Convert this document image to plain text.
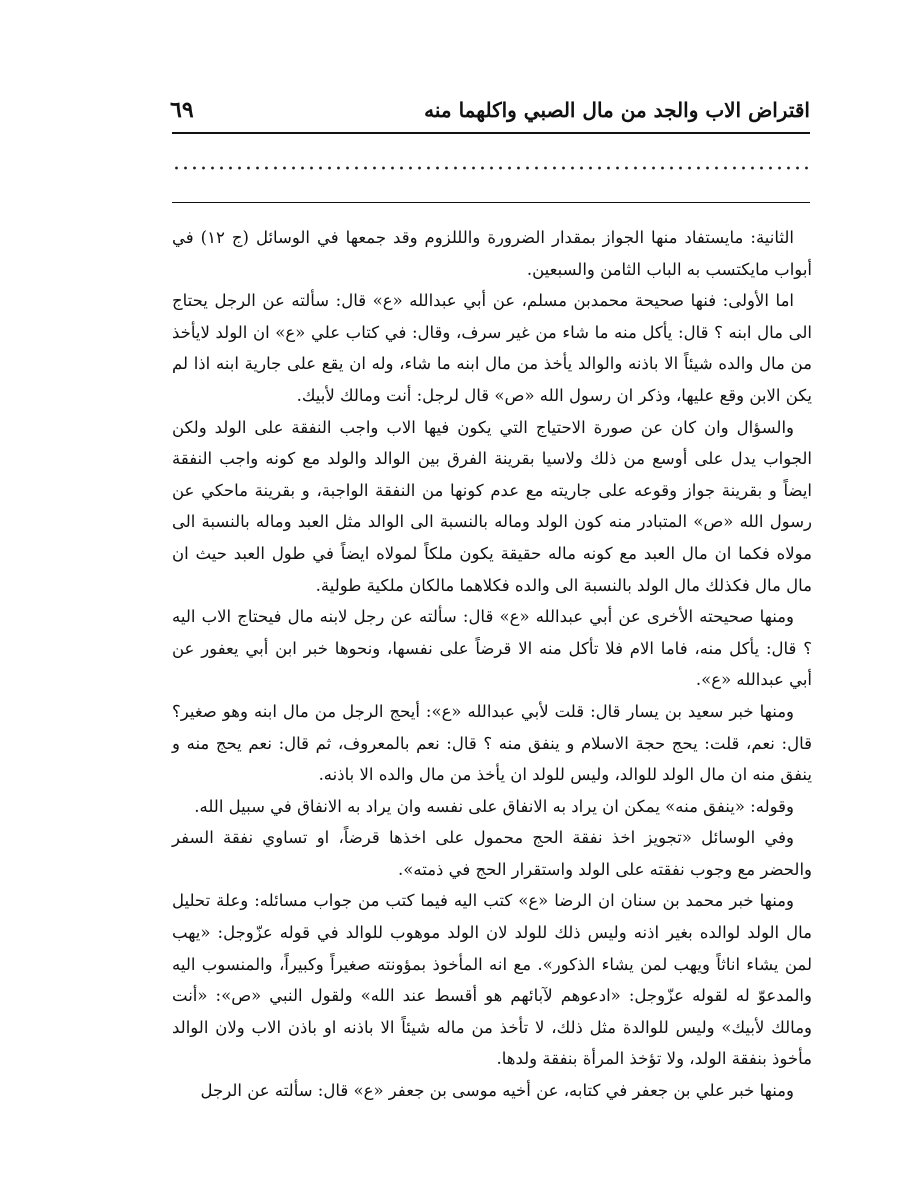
اقتراض الاب والجد من مال الصبي واكلهما منه
٦٩

الثانية: مايستفاد منها الجواز بمقدار الضرورة والللزوم وقد جمعها في الوسائل (ج ١٢) في أبواب مايكتسب به الباب الثامن والسبعين.

اما الأولى: فنها صحيحة محمدبن مسلم، عن أبي عبدالله «ع» قال: سألته عن الرجل يحتاج الى مال ابنه ؟ قال: يأكل منه ما شاء من غير سرف، وقال: في كتاب علي «ع» ان الولد لايأخذ من مال والده شيئاً الا باذنه والوالد يأخذ من مال ابنه ما شاء، وله ان يقع على جارية ابنه اذا لم يكن الابن وقع عليها، وذكر ان رسول الله «ص» قال لرجل: أنت ومالك لأبيك.

والسؤال وان كان عن صورة الاحتياج التي يكون فيها الاب واجب النفقة على الولد ولكن الجواب يدل على أوسع من ذلك ولاسيا بقرينة الفرق بين الوالد والولد مع كونه واجب النفقة ايضاً و بقرينة جواز وقوعه على جاريته مع عدم كونها من النفقة الواجبة، و بقرينة ماحكي عن رسول الله «ص» المتبادر منه كون الولد وماله بالنسبة الى الوالد مثل العبد وماله بالنسبة الى مولاه فكما ان مال العبد مع كونه ماله حقيقة يكون ملكاً لمولاه ايضاً في طول العبد حيث ان مال مال فكذلك مال الولد بالنسبة الى والده فكلاهما مالكان ملكية طولية.

ومنها صحيحته الأخرى عن أبي عبدالله «ع» قال: سألته عن رجل لابنه مال فيحتاج الاب اليه ؟ قال: يأكل منه، فاما الام فلا تأكل منه الا قرضاً على نفسها، ونحوها خبر ابن أبي يعفور عن أبي عبدالله «ع».

ومنها خبر سعيد بن يسار قال: قلت لأبي عبدالله «ع»: أيحج الرجل من مال ابنه وهو صغير؟ قال: نعم، قلت: يحج حجة الاسلام و ينفق منه ؟ قال: نعم بالمعروف، ثم قال: نعم يحج منه و ينفق منه ان مال الولد للوالد، وليس للولد ان يأخذ من مال والده الا باذنه.

وقوله: «ينفق منه» يمكن ان يراد به الانفاق على نفسه وان يراد به الانفاق في سبيل الله.

وفي الوسائل «تجويز اخذ نفقة الحج محمول على اخذها قرضاً، او تساوي نفقة السفر والحضر مع وجوب نفقته على الولد واستقرار الحج في ذمته».

ومنها خبر محمد بن سنان ان الرضا «ع» كتب اليه فيما كتب من جواب مسائله: وعلة تحليل مال الولد لوالده بغير اذنه وليس ذلك للولد لان الولد موهوب للوالد في قوله عزّوجل: «يهب لمن يشاء اناثاً ويهب لمن يشاء الذكور». مع انه المأخوذ بمؤونته صغيراً وكبيراً، والمنسوب اليه والمدعوّ له لقوله عزّوجل: «ادعوهم لآبائهم هو أقسط عند الله» ولقول النبي «ص»: «أنت ومالك لأبيك» وليس للوالدة مثل ذلك، لا تأخذ من ماله شيئاً الا باذنه او باذن الاب ولان الوالد مأخوذ بنفقة الولد، ولا تؤخذ المرأة بنفقة ولدها.

ومنها خبر علي بن جعفر في كتابه، عن أخيه موسى بن جعفر «ع» قال: سألته عن الرجل
